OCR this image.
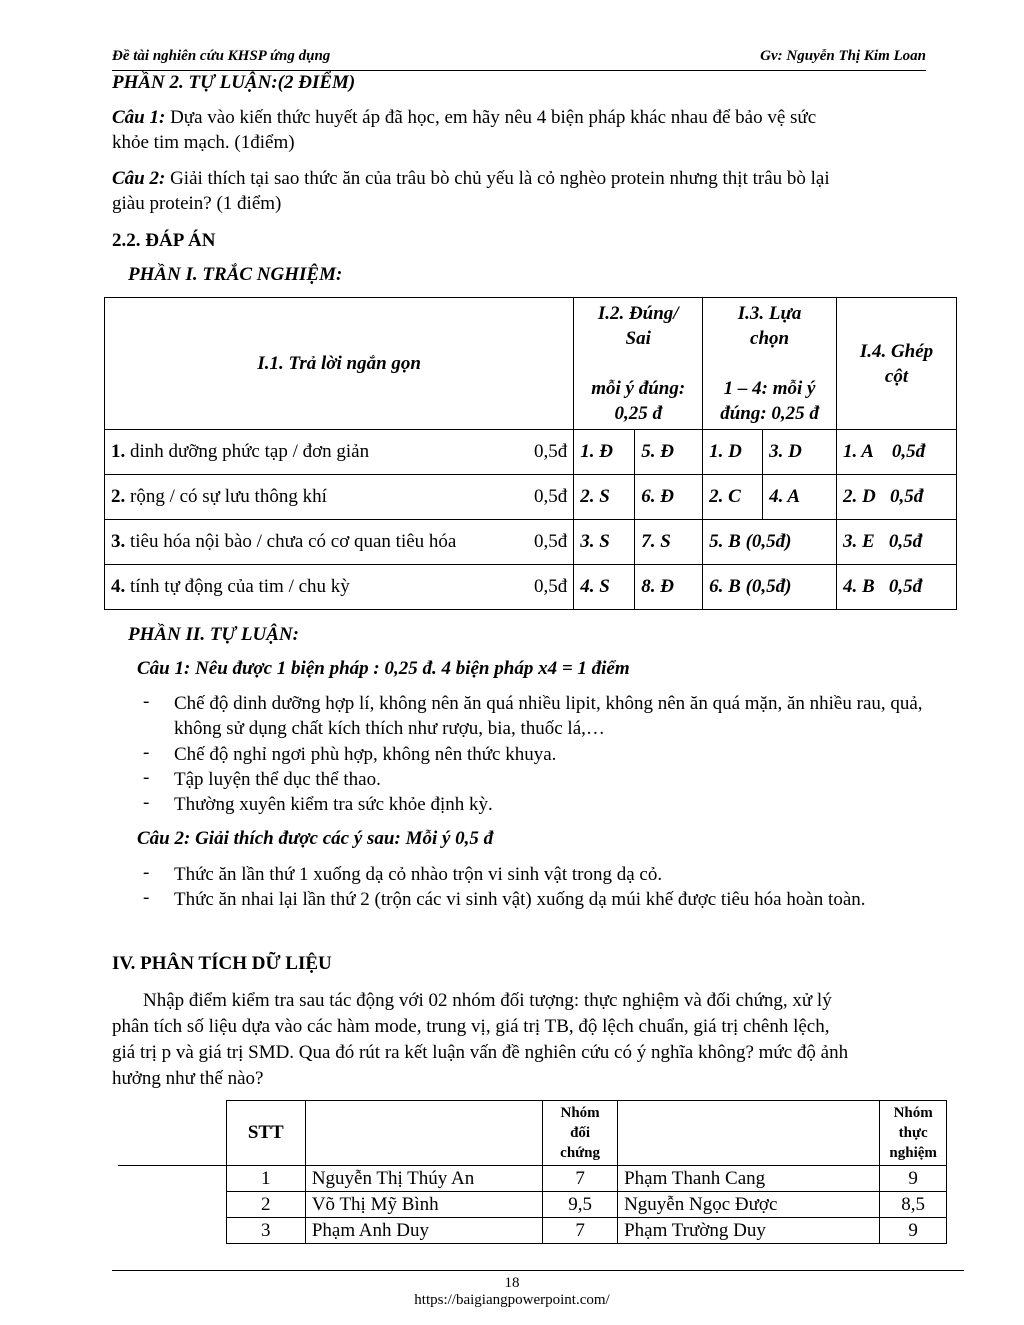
Đề tài nghiên cứu KHSP ứng dụng	Gv: Nguyễn Thị Kim Loan
PHẦN 2. TỰ LUẬN:(2 ĐIỂM)
Câu 1: Dựa vào kiến thức huyết áp đã học, em hãy nêu 4 biện pháp khác nhau để bảo vệ sức
khỏe tim mạch. (1điểm)
Câu 2: Giải thích tại sao thức ăn của trâu bò chủ yếu là cỏ nghèo protein nhưng thịt trâu bò lại
giàu protein? (1 điểm)
2.2. ĐÁP ÁN
PHẦN I. TRẮC NGHIỆM:
I.1. Trả lời ngắn gọn	I.2. Đúng/
Sai

mỗi ý đúng:
0,25 đ		I.3. Lựa
chọn

1 – 4: mỗi ý
đúng: 0,25 đ		I.4. Ghép
cột
1. dinh dưỡng phức tạp / đơn giản 0,5đ	1. Đ	5. Đ	1. D	3. D	1. A    0,5đ
2. rộng / có sự lưu thông khí 0,5đ	2. S	6. Đ	2. C	4. A	2. D   0,5đ
3. tiêu hóa nội bào / chưa có cơ quan tiêu hóa 0,5đ	3. S	7. S	5. B (0,5đ)		3. E   0,5đ
4. tính tự động của tim / chu kỳ 0,5đ	4. S	8. Đ	6. B (0,5đ)		4. B   0,5đ
PHẦN II. TỰ LUẬN:
Câu 1: Nêu được 1 biện pháp : 0,25 đ. 4 biện pháp x4 = 1 điểm
- Chế độ dinh dưỡng hợp lí, không nên ăn quá nhiều lipit, không nên ăn quá mặn, ăn nhiều rau, quả, không sử dụng chất kích thích như rượu, bia, thuốc lá,…
- Chế độ nghỉ ngơi phù hợp, không nên thức khuya.
- Tập luyện thể dục thể thao.
- Thường xuyên kiểm tra sức khỏe định kỳ.
Câu 2: Giải thích được các ý sau: Mỗi ý 0,5 đ
- Thức ăn lần thứ 1 xuống dạ cỏ nhào trộn vi sinh vật trong dạ cỏ.
- Thức ăn nhai lại lần thứ 2 (trộn các vi sinh vật) xuống dạ múi khế được tiêu hóa hoàn toàn.
IV. PHÂN TÍCH DỮ LIỆU
Nhập điểm kiểm tra sau tác động với 02 nhóm đối tượng: thực nghiệm và đối chứng, xử lý
phân tích số liệu dựa vào các hàm mode, trung vị, giá trị TB, độ lệch chuẩn, giá trị chênh lệch,
giá trị p và giá trị SMD. Qua đó rút ra kết luận vấn đề nghiên cứu có ý nghĩa không? mức độ ảnh
hưởng như thế nào?
	STT		Nhóm
đối
chứng		Nhóm
thực
nghiệm
	1	Nguyễn Thị Thúy An	7	Phạm Thanh Cang	9
	2	Võ Thị Mỹ Bình	9,5	Nguyễn Ngọc Được	8,5
	3	Phạm Anh Duy	7	Phạm Trường Duy	9
18
https://baigiangpowerpoint.com/
